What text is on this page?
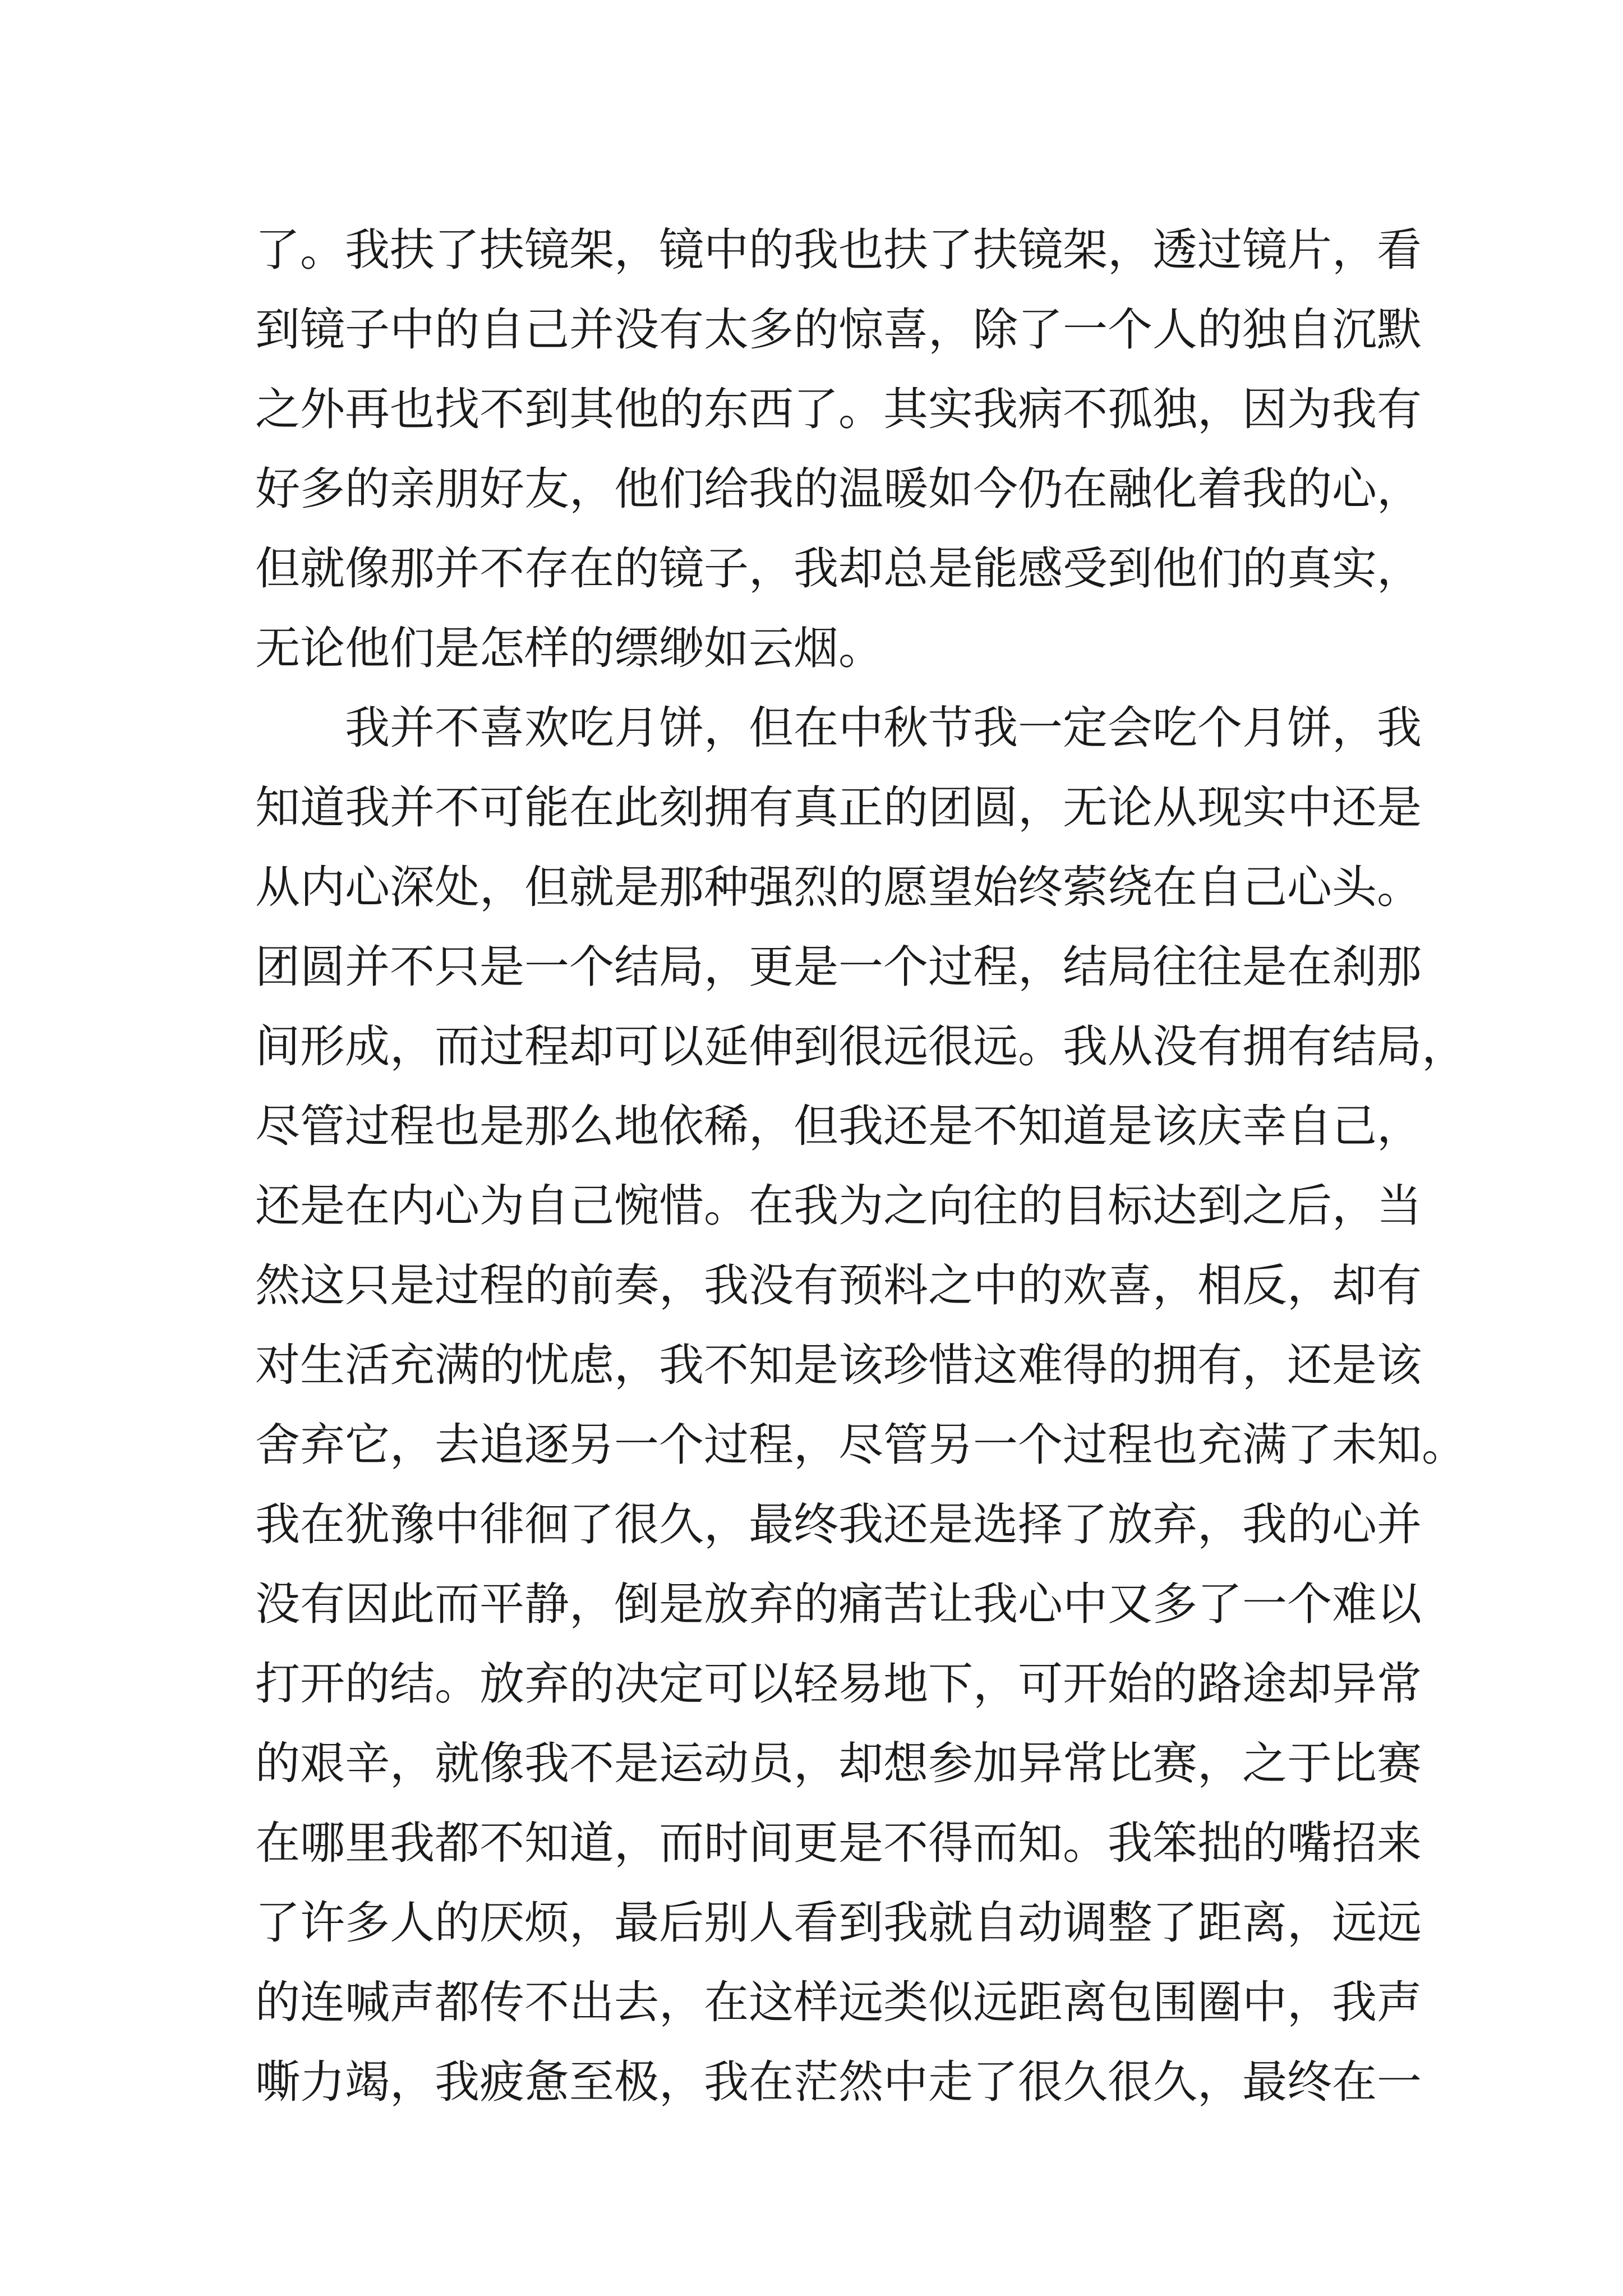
了。我扶了扶镜架，镜中的我也扶了扶镜架，透过镜片，看
到镜子中的自己并没有太多的惊喜，除了一个人的独自沉默
之外再也找不到其他的东西了。其实我病不孤独，因为我有
好多的亲朋好友，他们给我的温暖如今仍在融化着我的心，
但就像那并不存在的镜子，我却总是能感受到他们的真实，
无论他们是怎样的缥缈如云烟。
我并不喜欢吃月饼，但在中秋节我一定会吃个月饼，我
知道我并不可能在此刻拥有真正的团圆，无论从现实中还是
从内心深处，但就是那种强烈的愿望始终萦绕在自己心头。
团圆并不只是一个结局，更是一个过程，结局往往是在刹那
间形成，而过程却可以延伸到很远很远。我从没有拥有结局，
尽管过程也是那么地依稀，但我还是不知道是该庆幸自己，
还是在内心为自己惋惜。在我为之向往的目标达到之后，当
然这只是过程的前奏，我没有预料之中的欢喜，相反，却有
对生活充满的忧虑，我不知是该珍惜这难得的拥有，还是该
舍弃它，去追逐另一个过程，尽管另一个过程也充满了未知。
我在犹豫中徘徊了很久，最终我还是选择了放弃，我的心并
没有因此而平静，倒是放弃的痛苦让我心中又多了一个难以
打开的结。放弃的决定可以轻易地下，可开始的路途却异常
的艰辛，就像我不是运动员，却想参加异常比赛，之于比赛
在哪里我都不知道，而时间更是不得而知。我笨拙的嘴招来
了许多人的厌烦，最后别人看到我就自动调整了距离，远远
的连喊声都传不出去，在这样远类似远距离包围圈中，我声
嘶力竭，我疲惫至极，我在茫然中走了很久很久，最终在一
